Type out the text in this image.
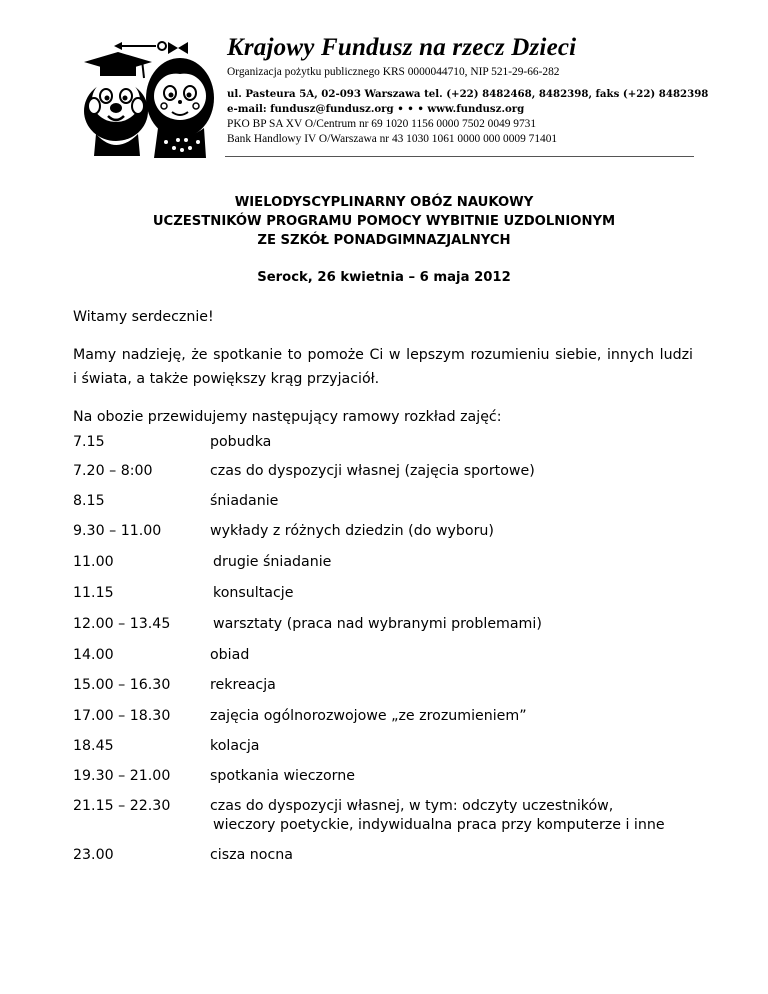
Krajowy Fundusz na rzecz Dzieci
Organizacja pożytku publicznego KRS 0000044710, NIP 521-29-66-282
ul. Pasteura 5A, 02-093 Warszawa tel. (+22) 8482468, 8482398, faks (+22) 8482398
e-mail: fundusz@fundusz.org • • • www.fundusz.org
PKO BP SA XV O/Centrum nr 69 1020 1156 0000 7502 0049 9731
Bank Handlowy IV O/Warszawa nr 43 1030 1061 0000 000 0009 71401
WIELODYSCYPLINARNY OBÓZ NAUKOWY
UCZESTNIKÓW PROGRAMU POMOCY WYBITNIE UZDOLNIONYM
ZE SZKÓŁ PONADGIMNAZJALNYCH
Serock, 26 kwietnia – 6 maja 2012
Witamy serdecznie!
Mamy nadzieję, że spotkanie to pomoże Ci w lepszym rozumieniu siebie, innych ludzi
i świata, a także powiększy krąg przyjaciół.
Na obozie przewidujemy następujący ramowy rozkład zajęć:
7.15	pobudka
7.20 – 8:00	czas do dyspozycji własnej (zajęcia sportowe)
8.15	śniadanie
9.30 – 11.00	wykłady z różnych dziedzin (do wyboru)
11.00	drugie śniadanie
11.15	konsultacje
12.00 – 13.45	warsztaty (praca nad wybranymi problemami)
14.00	obiad
15.00 – 16.30	rekreacja
17.00 – 18.30	zajęcia ogólnorozwojowe „ze zrozumieniem”
18.45	kolacja
19.30 – 21.00	spotkania wieczorne
21.15 – 22.30	czas do dyspozycji własnej, w tym: odczyty uczestników,
wieczory poetyckie, indywidualna praca przy komputerze i inne
23.00	cisza nocna
